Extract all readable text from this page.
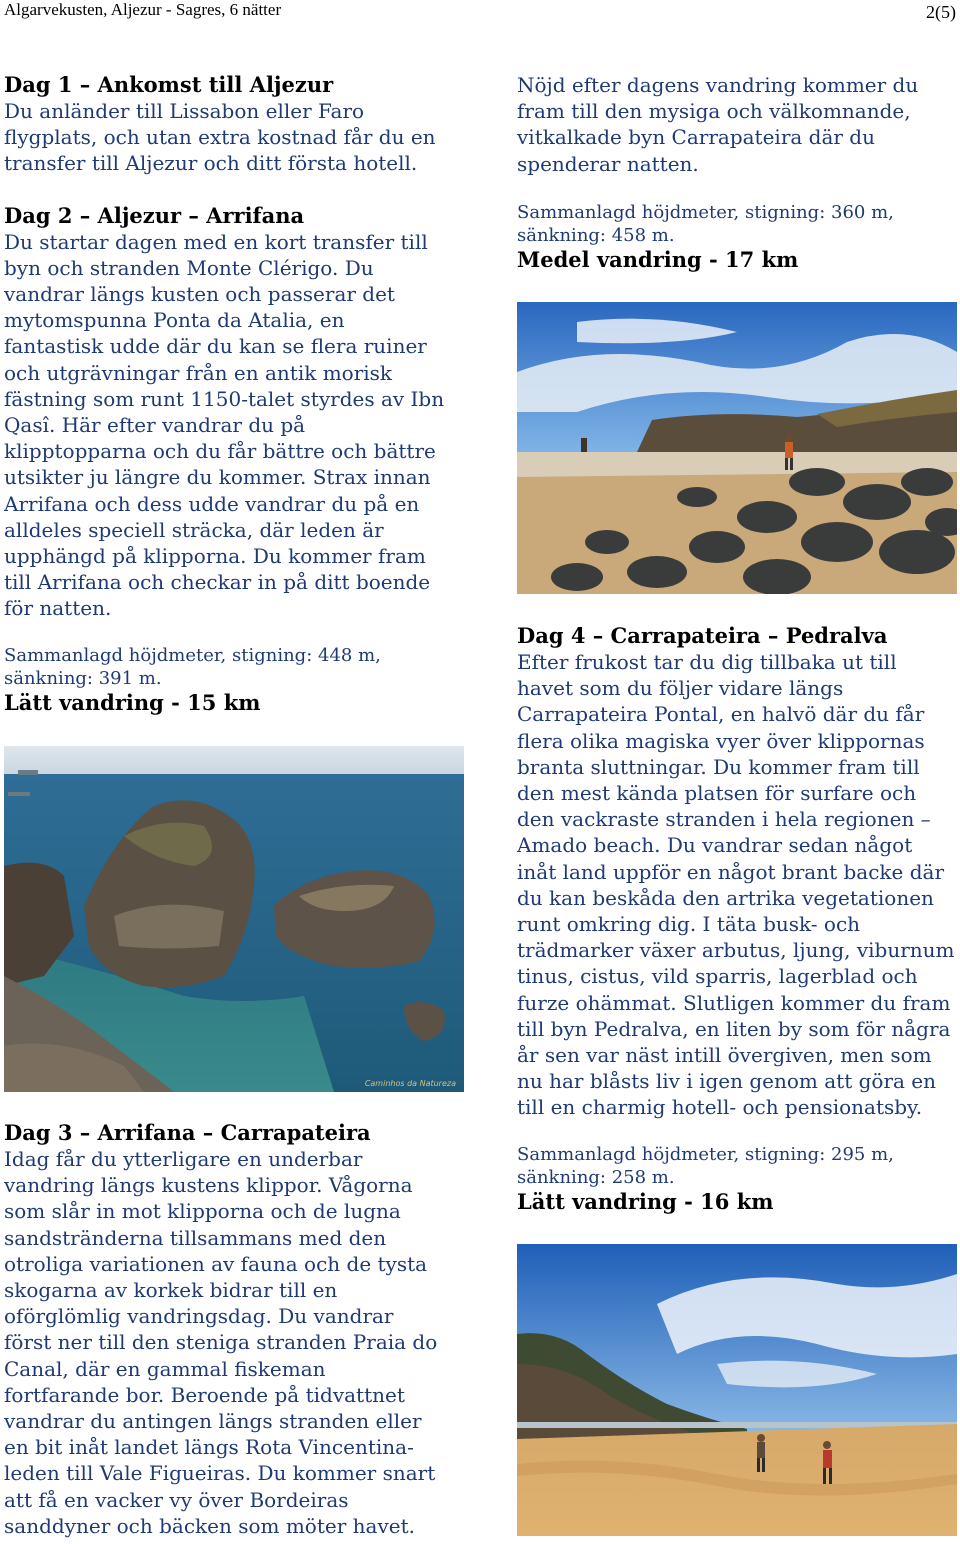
Algarvekusten, Aljezur - Sagres, 6 nätter	2(5)

Dag 1 – Ankomst till Aljezur

Du anländer till Lissabon eller Faro flygplats, och utan extra kostnad får du en transfer till Aljezur och ditt första hotell.

Dag 2 – Aljezur – Arrifana

Du startar dagen med en kort transfer till byn och stranden Monte Clérigo. Du vandrar längs kusten och passerar det mytomspunna Ponta da Atalia, en fantastisk udde där du kan se flera ruiner och utgrävningar från en antik morisk fästning som runt 1150-talet styrdes av Ibn Qasî. Här efter vandrar du på klipptopparna och du får bättre och bättre utsikter ju längre du kommer. Strax innan Arrifana och dess udde vandrar du på en alldeles speciell sträcka, där leden är upphängd på klipporna. Du kommer fram till Arrifana och checkar in på ditt boende för natten.

Sammanlagd höjdmeter, stigning: 448 m, sänkning: 391 m.

Lätt vandring - 15 km

Caminhos da Natureza

Dag 3 – Arrifana – Carrapateira

Idag får du ytterligare en underbar vandring längs kustens klippor. Vågorna som slår in mot klipporna och de lugna sandstränderna tillsammans med den otroliga variationen av fauna och de tysta skogarna av korkek bidrar till en oförglömlig vandringsdag. Du vandrar först ner till den steniga stranden Praia do Canal, där en gammal fiskeman fortfarande bor. Beroende på tidvattnet vandrar du antingen längs stranden eller en bit inåt landet längs Rota Vincentina-leden till Vale Figueiras. Du kommer snart att få en vacker vy över Bordeiras sanddyner och bäcken som möter havet.

Nöjd efter dagens vandring kommer du fram till den mysiga och välkomnande, vitkalkade byn Carrapateira där du spenderar natten.

Sammanlagd höjdmeter, stigning: 360 m, sänkning: 458 m.

Medel vandring - 17 km

Dag 4 – Carrapateira – Pedralva

Efter frukost tar du dig tillbaka ut till havet som du följer vidare längs Carrapateira Pontal, en halvö där du får flera olika magiska vyer över klippornas branta sluttningar. Du kommer fram till den mest kända platsen för surfare och den vackraste stranden i hela regionen – Amado beach. Du vandrar sedan något inåt land uppför en något brant backe där du kan beskåda den artrika vegetationen runt omkring dig. I täta busk- och trädmarker växer arbutus, ljung, viburnum tinus, cistus, vild sparris, lagerblad och furze ohämmat. Slutligen kommer du fram till byn Pedralva, en liten by som för några år sen var näst intill övergiven, men som nu har blåsts liv i igen genom att göra en till en charmig hotell- och pensionatsby.

Sammanlagd höjdmeter, stigning: 295 m, sänkning: 258 m.

Lätt vandring - 16 km
